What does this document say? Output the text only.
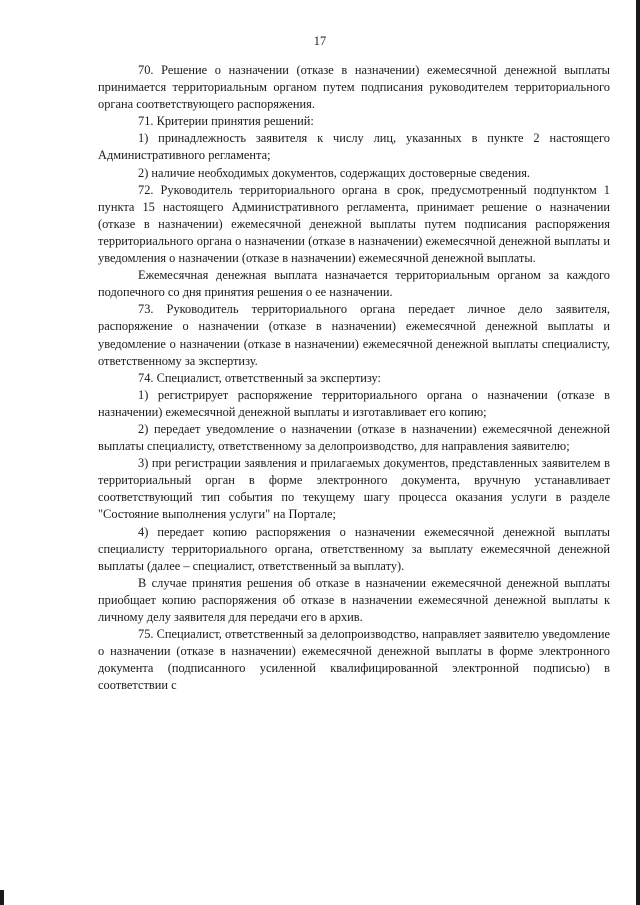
17

70. Решение о назначении (отказе в назначении) ежемесячной денежной выплаты принимается территориальным органом путем подписания руководителем территориального органа соответствующего распоряжения.

71. Критерии принятия решений:

1) принадлежность заявителя к числу лиц, указанных в пункте 2 настоящего Административного регламента;

2) наличие необходимых документов, содержащих достоверные сведения.

72. Руководитель территориального органа в срок, предусмотренный подпунктом 1 пункта 15 настоящего Административного регламента, принимает решение о назначении (отказе в назначении) ежемесячной денежной выплаты путем подписания распоряжения территориального органа о назначении (отказе в назначении) ежемесячной денежной выплаты и уведомления о назначении (отказе в назначении) ежемесячной денежной выплаты.

Ежемесячная денежная выплата назначается территориальным органом за каждого подопечного со дня принятия решения о ее назначении.

73. Руководитель территориального органа передает личное дело заявителя, распоряжение о назначении (отказе в назначении) ежемесячной денежной выплаты и уведомление о назначении (отказе в назначении) ежемесячной денежной выплаты специалисту, ответственному за экспертизу.

74. Специалист, ответственный за экспертизу:

1) регистрирует распоряжение территориального органа о назначении (отказе в назначении) ежемесячной денежной выплаты и изготавливает его копию;

2) передает уведомление о назначении (отказе в назначении) ежемесячной денежной выплаты специалисту, ответственному за делопроизводство, для направления заявителю;

3) при регистрации заявления и прилагаемых документов, представленных заявителем в территориальный орган в форме электронного документа, вручную устанавливает соответствующий тип события по текущему шагу процесса оказания услуги в разделе "Состояние выполнения услуги" на Портале;

4) передает копию распоряжения о назначении ежемесячной денежной выплаты специалисту территориального органа, ответственному за выплату ежемесячной денежной выплаты (далее – специалист, ответственный за выплату).

В случае принятия решения об отказе в назначении ежемесячной денежной выплаты приобщает копию распоряжения об отказе в назначении ежемесячной денежной выплаты к личному делу заявителя для передачи его в архив.

75. Специалист, ответственный за делопроизводство, направляет заявителю уведомление о назначении (отказе в назначении) ежемесячной денежной выплаты в форме электронного документа (подписанного усиленной квалифицированной электронной подписью) в соответствии с
